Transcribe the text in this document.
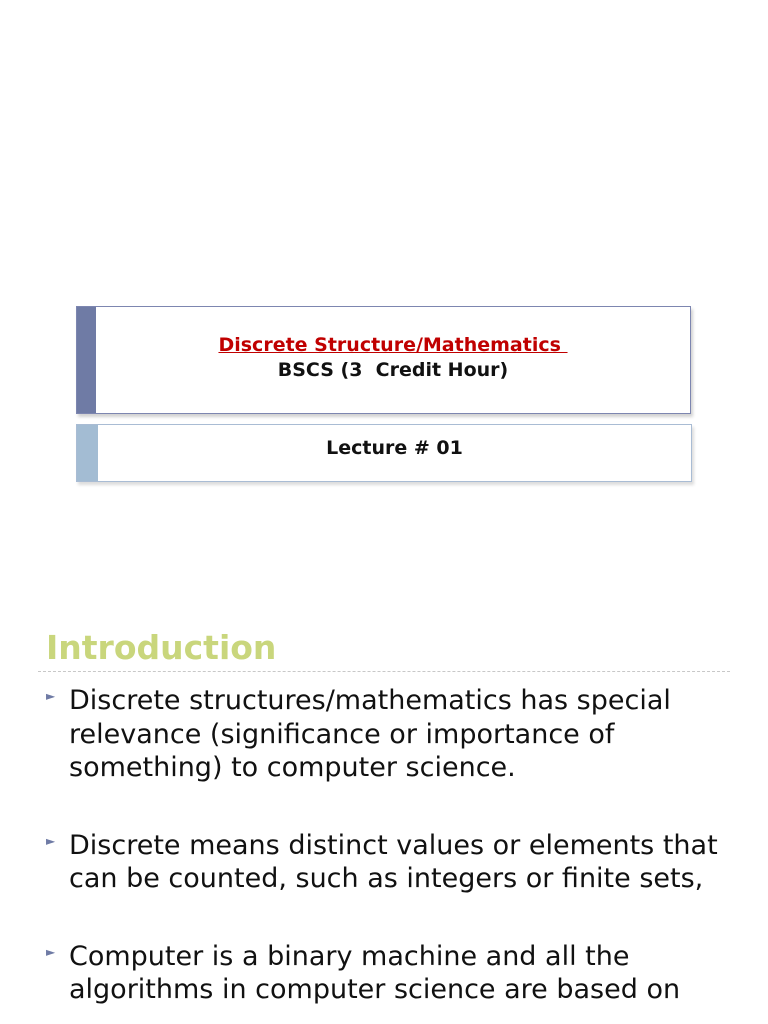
Discrete Structure/Mathematics
BSCS (3  Credit Hour)
Lecture # 01
Introduction
► Discrete structures/mathematics has special relevance (significance or importance of something) to computer science.
► Discrete means distinct values or elements that can be counted, such as integers or finite sets,
► Computer is a binary machine and all the algorithms in computer science are based on
